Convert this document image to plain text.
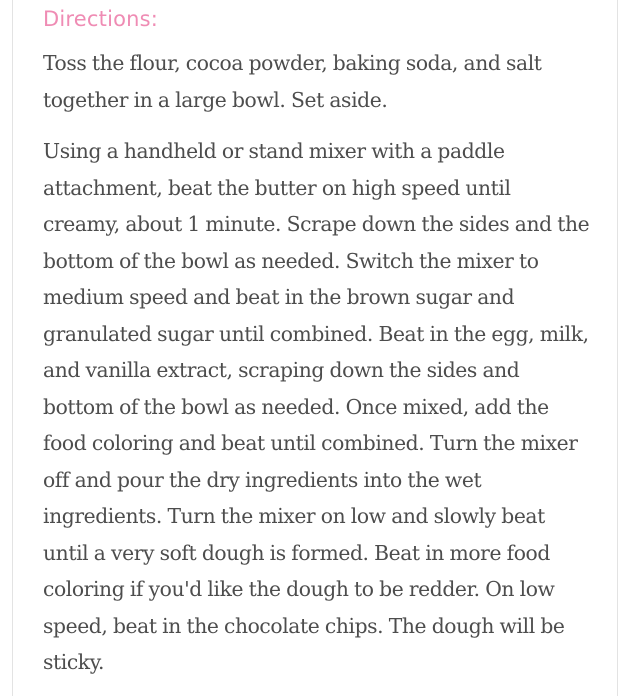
Directions:

Toss the flour, cocoa powder, baking soda, and salt
together in a large bowl. Set aside.

Using a handheld or stand mixer with a paddle
attachment, beat the butter on high speed until
creamy, about 1 minute. Scrape down the sides and the
bottom of the bowl as needed. Switch the mixer to
medium speed and beat in the brown sugar and
granulated sugar until combined. Beat in the egg, milk,
and vanilla extract, scraping down the sides and
bottom of the bowl as needed. Once mixed, add the
food coloring and beat until combined. Turn the mixer
off and pour the dry ingredients into the wet
ingredients. Turn the mixer on low and slowly beat
until a very soft dough is formed. Beat in more food
coloring if you'd like the dough to be redder. On low
speed, beat in the chocolate chips. The dough will be
sticky.
